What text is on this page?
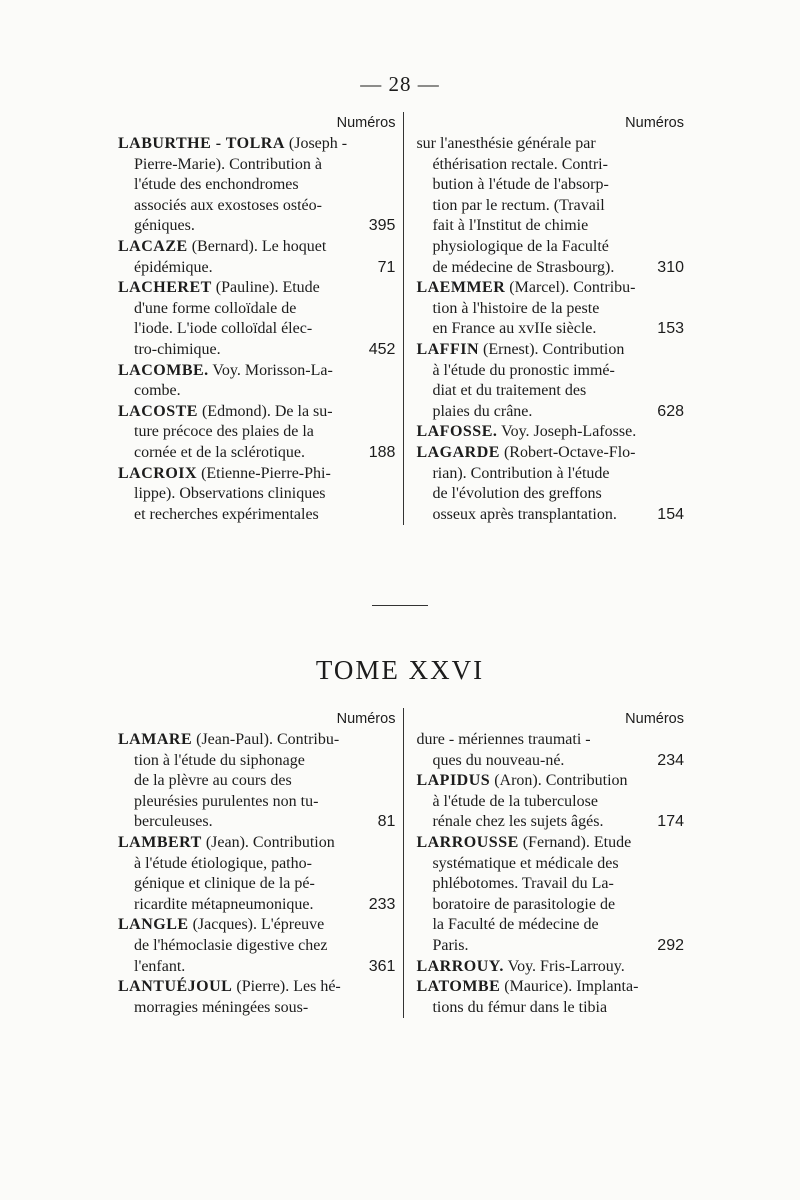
— 28 —
Numéros
LABURTHE - TOLRA (Joseph -
Pierre-Marie). Contribution à
l'étude des enchondromes
associés aux exostoses ostéo-
géniques.	395
LACAZE (Bernard). Le hoquet
épidémique.	71
LACHERET (Pauline). Etude
d'une forme colloïdale de
l'iode. L'iode colloïdal élec-
tro-chimique.	452
LACOMBE. Voy. Morisson-La-
combe.
LACOSTE (Edmond). De la su-
ture précoce des plaies de la
cornée et de la sclérotique.	188
LACROIX (Etienne-Pierre-Phi-
lippe). Observations cliniques
et recherches expérimentales
Numéros
sur l'anesthésie générale par
éthérisation rectale. Contri-
bution à l'étude de l'absorp-
tion par le rectum. (Travail
fait à l'Institut de chimie
physiologique de la Faculté
de médecine de Strasbourg).	310
LAEMMER (Marcel). Contribu-
tion à l'histoire de la peste
en France au xvIIe siècle.	153
LAFFIN (Ernest). Contribution
à l'étude du pronostic immé-
diat et du traitement des
plaies du crâne.	628
LAFOSSE. Voy. Joseph-Lafosse.
LAGARDE (Robert-Octave-Flo-
rian). Contribution à l'étude
de l'évolution des greffons
osseux après transplantation.	154
TOME XXVI
Numéros
LAMARE (Jean-Paul). Contribu-
tion à l'étude du siphonage
de la plèvre au cours des
pleurésies purulentes non tu-
berculeuses.	81
LAMBERT (Jean). Contribution
à l'étude étiologique, patho-
génique et clinique de la pé-
ricardite métapneumonique.	233
LANGLE (Jacques). L'épreuve
de l'hémoclasie digestive chez
l'enfant.	361
LANTUÉJOUL (Pierre). Les hé-
morragies méningées sous-
Numéros
dure - mériennes traumati -
ques du nouveau-né.	234
LAPIDUS (Aron). Contribution
à l'étude de la tuberculose
rénale chez les sujets âgés.	174
LARROUSSE (Fernand). Etude
systématique et médicale des
phlébotomes. Travail du La-
boratoire de parasitologie de
la Faculté de médecine de
Paris.	292
LARROUY. Voy. Fris-Larrouy.
LATOMBE (Maurice). Implanta-
tions du fémur dans le tibia
